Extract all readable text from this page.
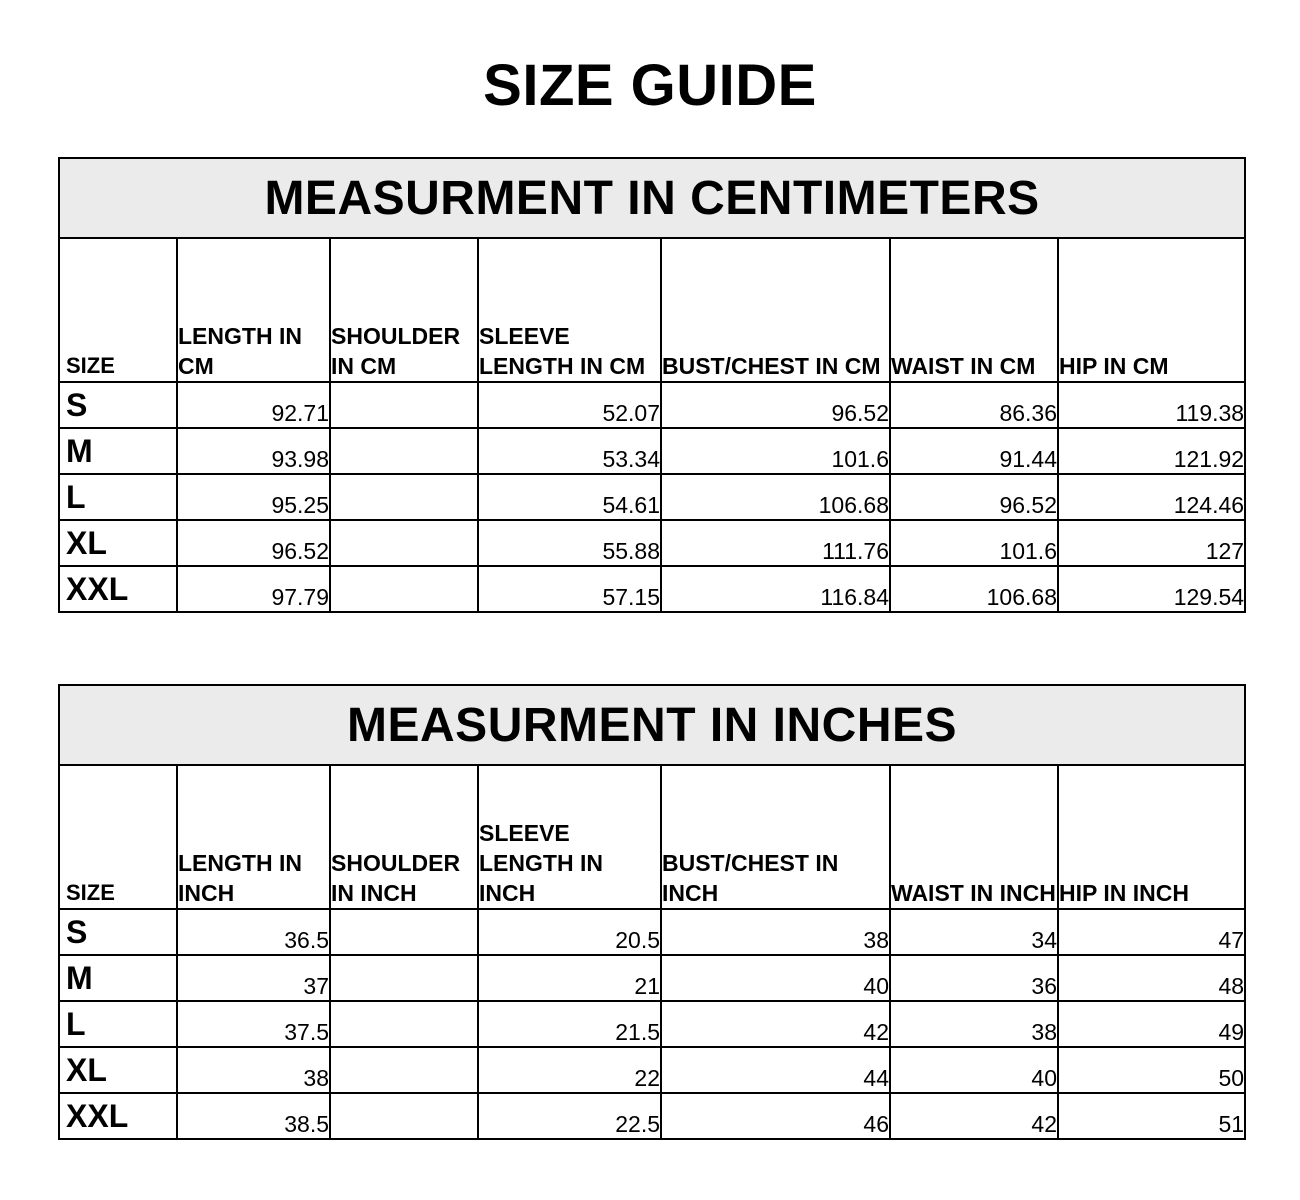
SIZE GUIDE
MEASURMENT IN CENTIMETERS						
SIZE	LENGTH IN CM	SHOULDER IN CM	SLEEVE LENGTH IN CM	BUST/CHEST IN CM	WAIST IN CM	HIP IN CM
S	92.71		52.07	96.52	86.36	119.38
M	93.98		53.34	101.6	91.44	121.92
L	95.25		54.61	106.68	96.52	124.46
XL	96.52		55.88	111.76	101.6	127
XXL	97.79		57.15	116.84	106.68	129.54
MEASURMENT IN INCHES						
SIZE	LENGTH IN INCH	SHOULDER IN INCH	SLEEVE LENGTH IN INCH	BUST/CHEST IN INCH	WAIST IN INCH	HIP IN INCH
S	36.5		20.5	38	34	47
M	37		21	40	36	48
L	37.5		21.5	42	38	49
XL	38		22	44	40	50
XXL	38.5		22.5	46	42	51
